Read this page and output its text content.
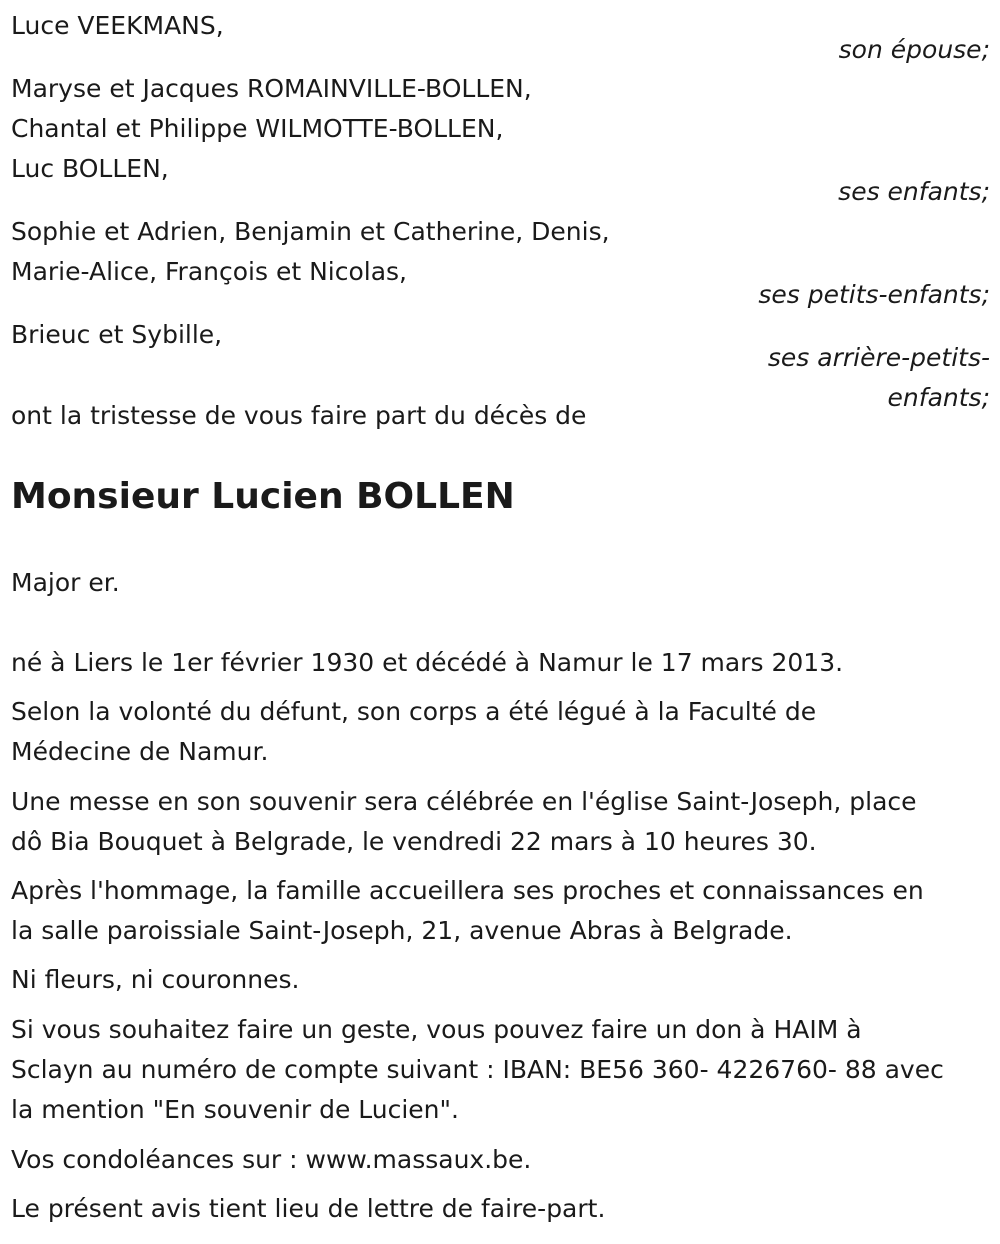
Luce VEEKMANS,
son épouse;
Maryse et Jacques ROMAINVILLE-BOLLEN,
Chantal et Philippe WILMOTTE-BOLLEN,
Luc BOLLEN,
ses enfants;
Sophie et Adrien, Benjamin et Catherine, Denis,
Marie-Alice, François et Nicolas,
ses petits-enfants;
Brieuc et Sybille,
ses arrière-petits-
enfants;
ont la tristesse de vous faire part du décès de
Monsieur Lucien BOLLEN
Major er.
né à Liers le 1er février 1930 et décédé à Namur le 17 mars 2013.
Selon la volonté du défunt, son corps a été légué à la Faculté de
Médecine de Namur.
Une messe en son souvenir sera célébrée en l'église Saint-Joseph, place
dô Bia Bouquet à Belgrade, le vendredi 22 mars à 10 heures 30.
Après l'hommage, la famille accueillera ses proches et connaissances en
la salle paroissiale Saint-Joseph, 21, avenue Abras à Belgrade.
Ni fleurs, ni couronnes.
Si vous souhaitez faire un geste, vous pouvez faire un don à HAIM à
Sclayn au numéro de compte suivant : IBAN: BE56 360- 4226760- 88 avec
la mention "En souvenir de Lucien".
Vos condoléances sur : www.massaux.be.
Le présent avis tient lieu de lettre de faire-part.
